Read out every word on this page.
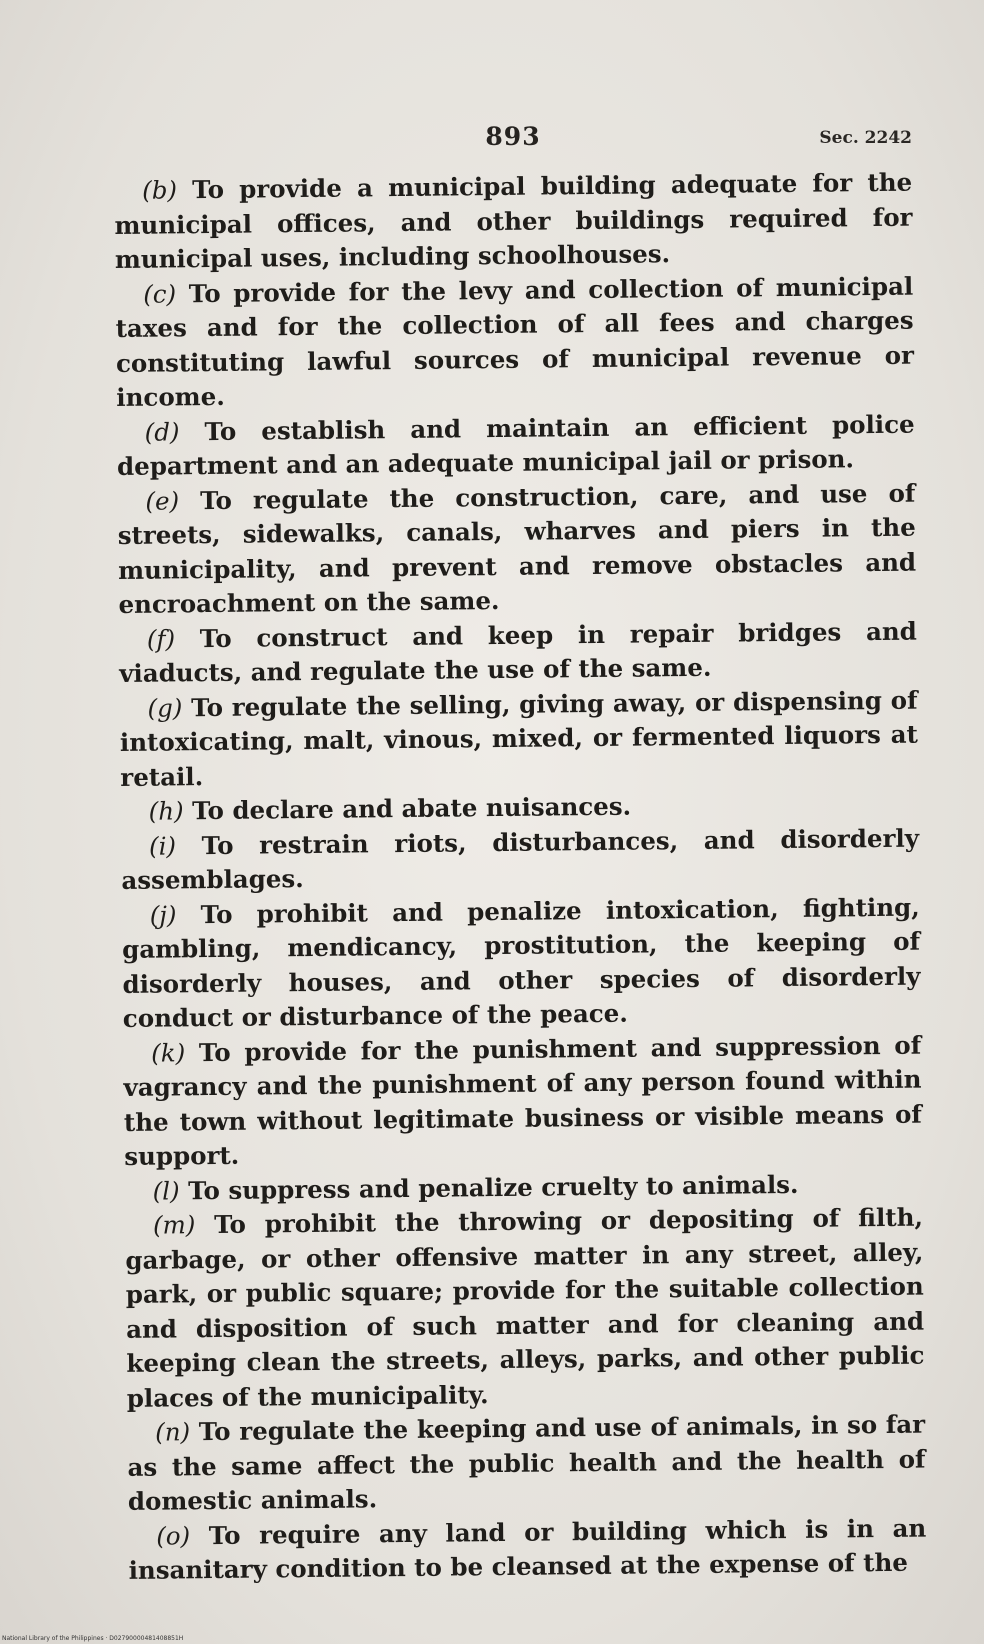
893	Sec. 2242

(b) To provide a municipal building adequate for the municipal offices, and other buildings required for municipal uses, including schoolhouses.

(c) To provide for the levy and collection of municipal taxes and for the collection of all fees and charges constituting lawful sources of municipal revenue or income.

(d) To establish and maintain an efficient police department and an adequate municipal jail or prison.

(e) To regulate the construction, care, and use of streets, sidewalks, canals, wharves and piers in the municipality, and prevent and remove obstacles and encroachment on the same.

(f) To construct and keep in repair bridges and viaducts, and regulate the use of the same.

(g) To regulate the selling, giving away, or dispensing of intoxicating, malt, vinous, mixed, or fermented liquors at retail.

(h) To declare and abate nuisances.

(i) To restrain riots, disturbances, and disorderly assemblages.

(j) To prohibit and penalize intoxication, fighting, gambling, mendicancy, prostitution, the keeping of disorderly houses, and other species of disorderly conduct or disturbance of the peace.

(k) To provide for the punishment and suppression of vagrancy and the punishment of any person found within the town without legitimate business or visible means of support.

(l) To suppress and penalize cruelty to animals.

(m) To prohibit the throwing or depositing of filth, garbage, or other offensive matter in any street, alley, park, or public square; provide for the suitable collection and disposition of such matter and for cleaning and keeping clean the streets, alleys, parks, and other public places of the municipality.

(n) To regulate the keeping and use of animals, in so far as the same affect the public health and the health of domestic animals.

(o) To require any land or building which is in an insanitary condition to be cleansed at the expense of the

National Library of the Philippines · D02790000481408851H
